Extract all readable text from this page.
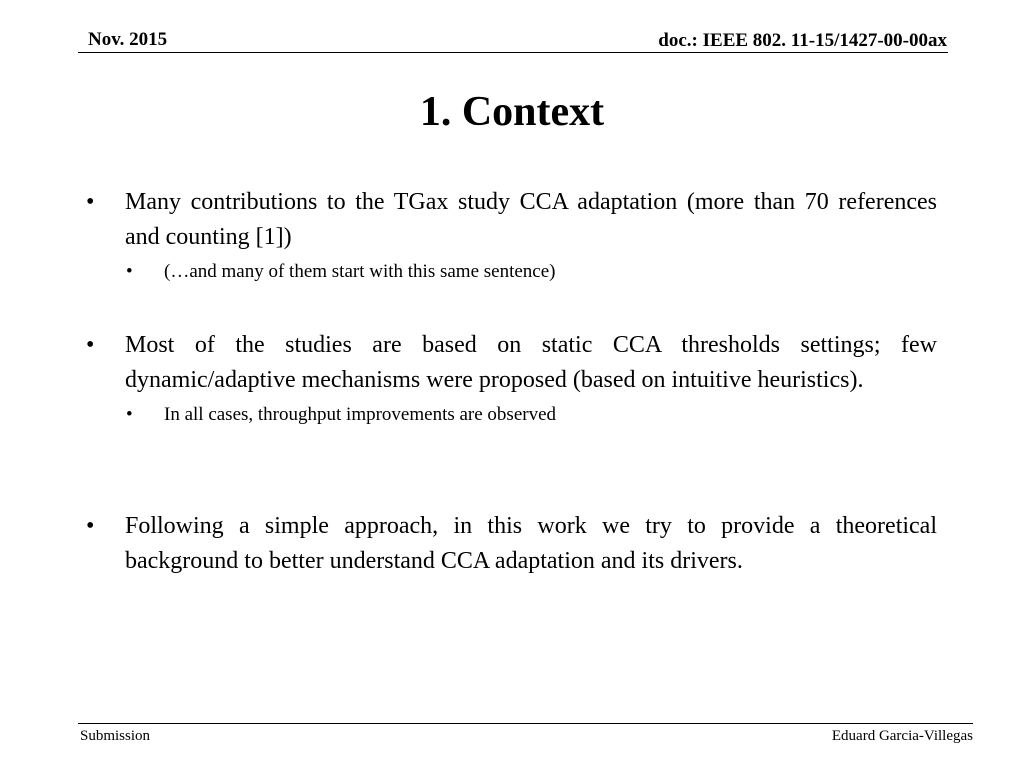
Nov. 2015	doc.: IEEE 802. 11-15/1427-00-00ax
1. Context
• Many contributions to the TGax study CCA adaptation (more than 70 references and counting [1])
• (…and many of them start with this same sentence)
• Most of the studies are based on static CCA thresholds settings; few dynamic/adaptive mechanisms were proposed (based on intuitive heuristics).
• In all cases, throughput improvements are observed
• Following a simple approach, in this work we try to provide a theoretical background to better understand CCA adaptation and its drivers.
Submission	Eduard Garcia-Villegas
